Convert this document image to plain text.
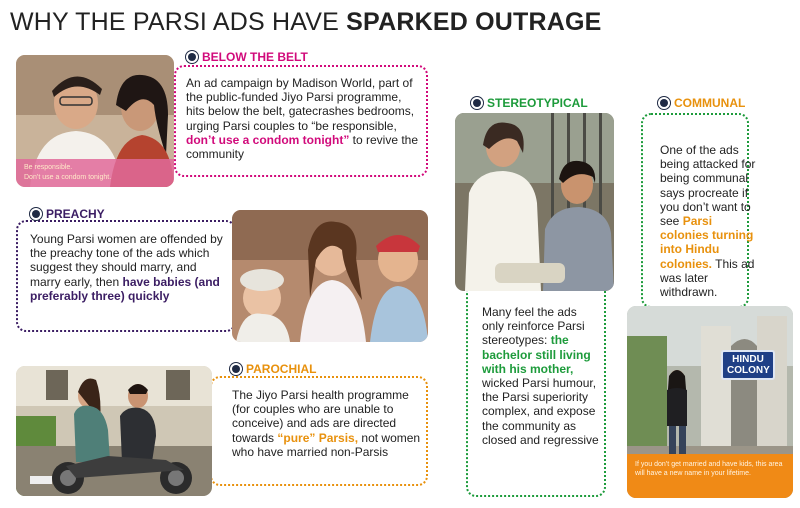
WHY THE PARSI ADS HAVE SPARKED OUTRAGE
Be responsible.
Don’t use a condom tonight.
BELOW THE BELT
An ad campaign by Madison World, part of the public-funded Jiyo Parsi programme, hits below the belt, gatecrashes bedrooms, urging Parsi couples to “be responsible, don’t use a condom tonight” to revive the community
PREACHY
Young Parsi women are offended by the preachy tone of the ads which suggest they should marry, and marry early, then have babies (and preferably three) quickly
PAROCHIAL
The Jiyo Parsi health programme (for couples who are unable to conceive) and ads are directed towards “pure” Parsis, not women who have married non-Parsis
STEREOTYPICAL
Many feel the ads only reinforce Parsi stereotypes: the bachelor still living with his mother, wicked Parsi humour, the Parsi superiority complex, and expose the community as closed and regressive
COMMUNAL
One of the ads being attacked for being communal says procreate if you don’t want to see Parsi colonies turning into Hindu colonies. This ad was later withdrawn.
HINDU
COLONY
If you don’t get married and have kids, this area will have a new name in your lifetime.
